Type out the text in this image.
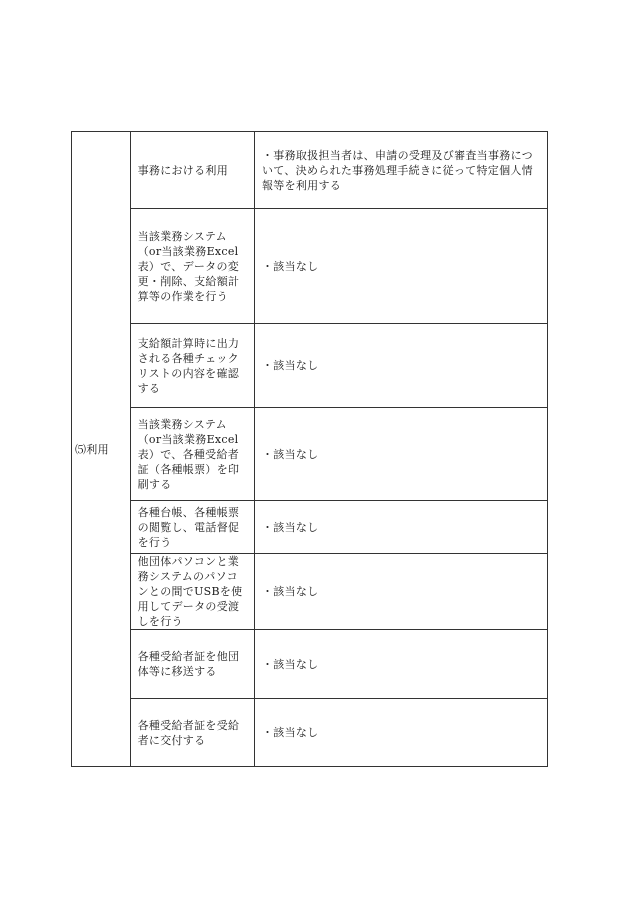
⑸利用	事務における利用	・事務取扱担当者は、申請の受理及び審査当事務について、決められた事務処理手続きに従って特定個人情報等を利用する

	当該業務システム（or当該業務Excel表）で、データの変更・削除、支給額計算等の作業を行う	・該当なし

	支給額計算時に出力される各種チェックリストの内容を確認する	・該当なし

	当該業務システム（or当該業務Excel表）で、各種受給者証（各種帳票）を印刷する	・該当なし

	各種台帳、各種帳票の閲覧し、電話督促を行う	・該当なし

	他団体パソコンと業務システムのパソコンとの間でUSBを使用してデータの受渡しを行う	・該当なし

	各種受給者証を他団体等に移送する	・該当なし

	各種受給者証を受給者に交付する	・該当なし
